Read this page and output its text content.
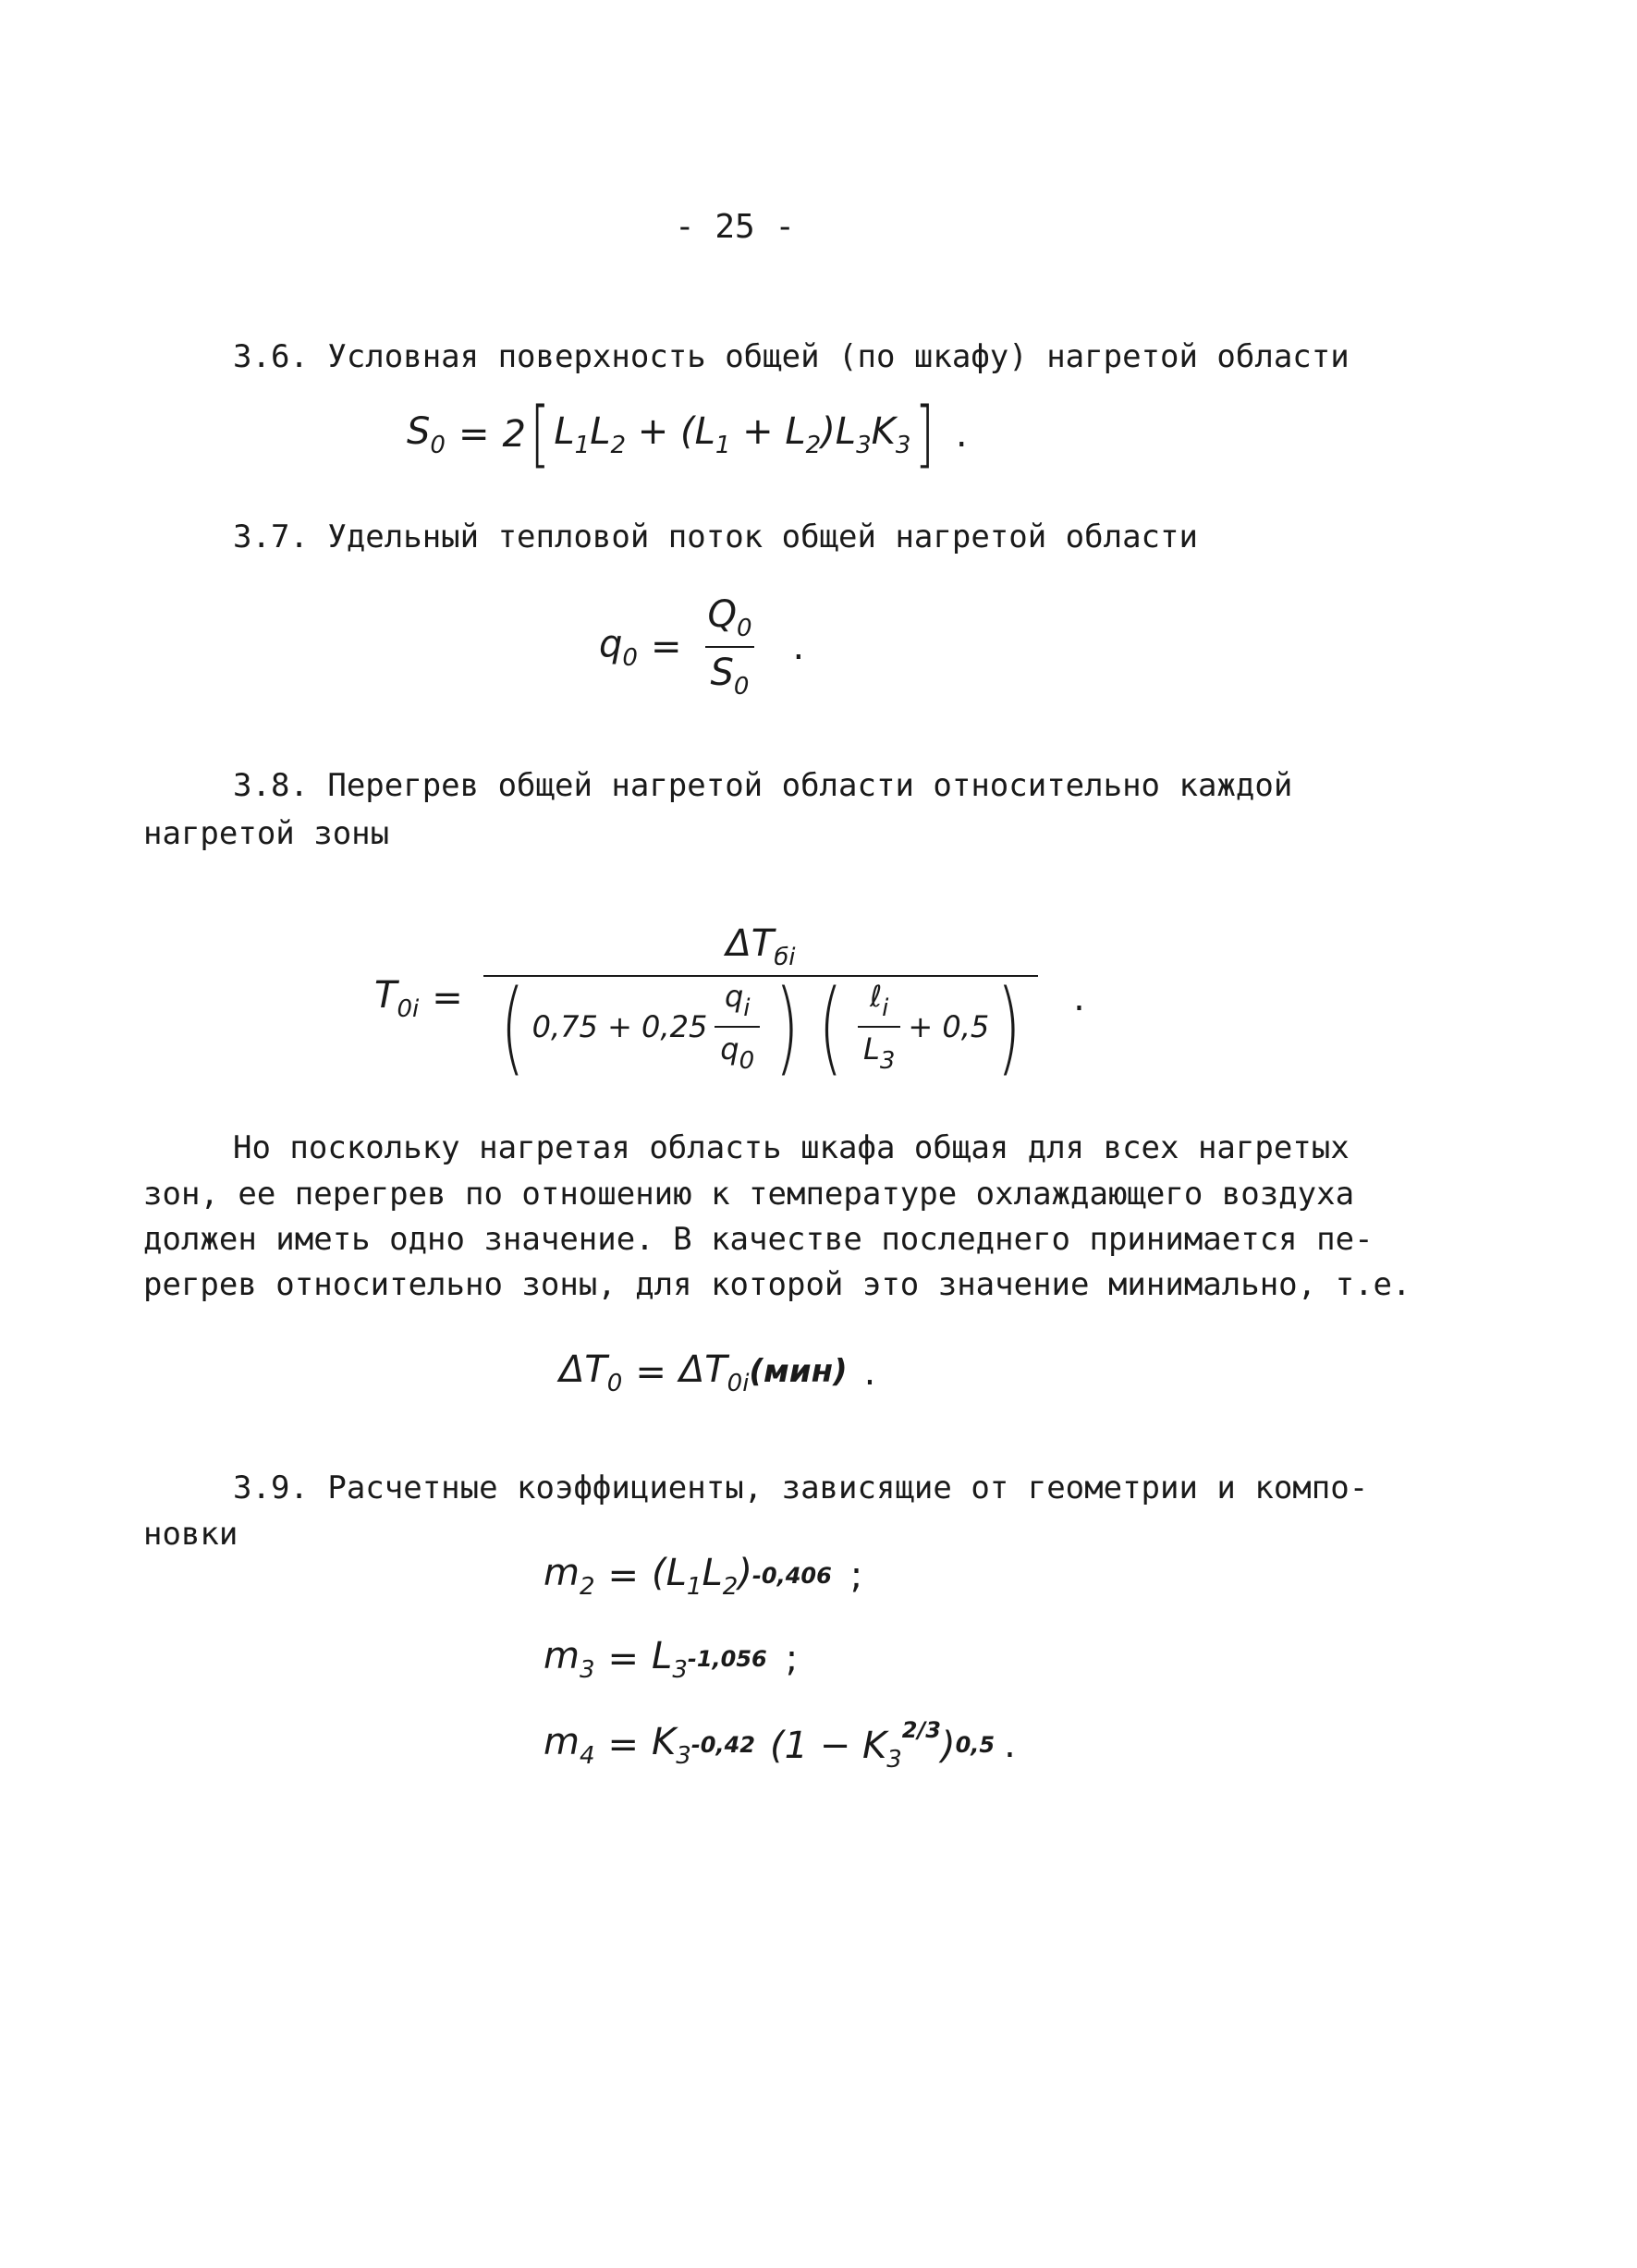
- 25 -
3.6. Условная поверхность общей (по шкафу) нагретой области
$S_0 = 2$ [ $L_1L_2 + (L_1 + L_2)L_3K_3$ ] .
3.7. Удельный тепловой поток общей нагретой области
$q_0 = \frac{Q_0}{S_0}$ .
3.8. Перегрев общей нагретой области относительно каждой
нагретой зоны
$T_{0i}$ =
$\Delta T_{бi}$
( $0,75 + 0,25 \frac{q_i}{q_0}$ ) ( $\frac{\ell_i}{L_3} + 0,5$ ) .
Но поскольку нагретая область шкафа общая для всех нагретых
зон, ее перегрев по отношению к температуре охлаждающего воздуха
должен иметь одно значение. В качестве последнего принимается пе-
регрев относительно зоны, для которой это значение минимально, т.е.
$\Delta T_0 = \Delta T_{0i}(мин)$ .
3.9. Расчетные коэффициенты, зависящие от геометрии и компо-
новки
$m_2 = (L_1L_2)$ -0,406 ;
$m_3 = L_3$ -1,056 ;
$m_4 = K_3$ -0,42 $(1 - K_3^{2/3})$ 0,5 .
